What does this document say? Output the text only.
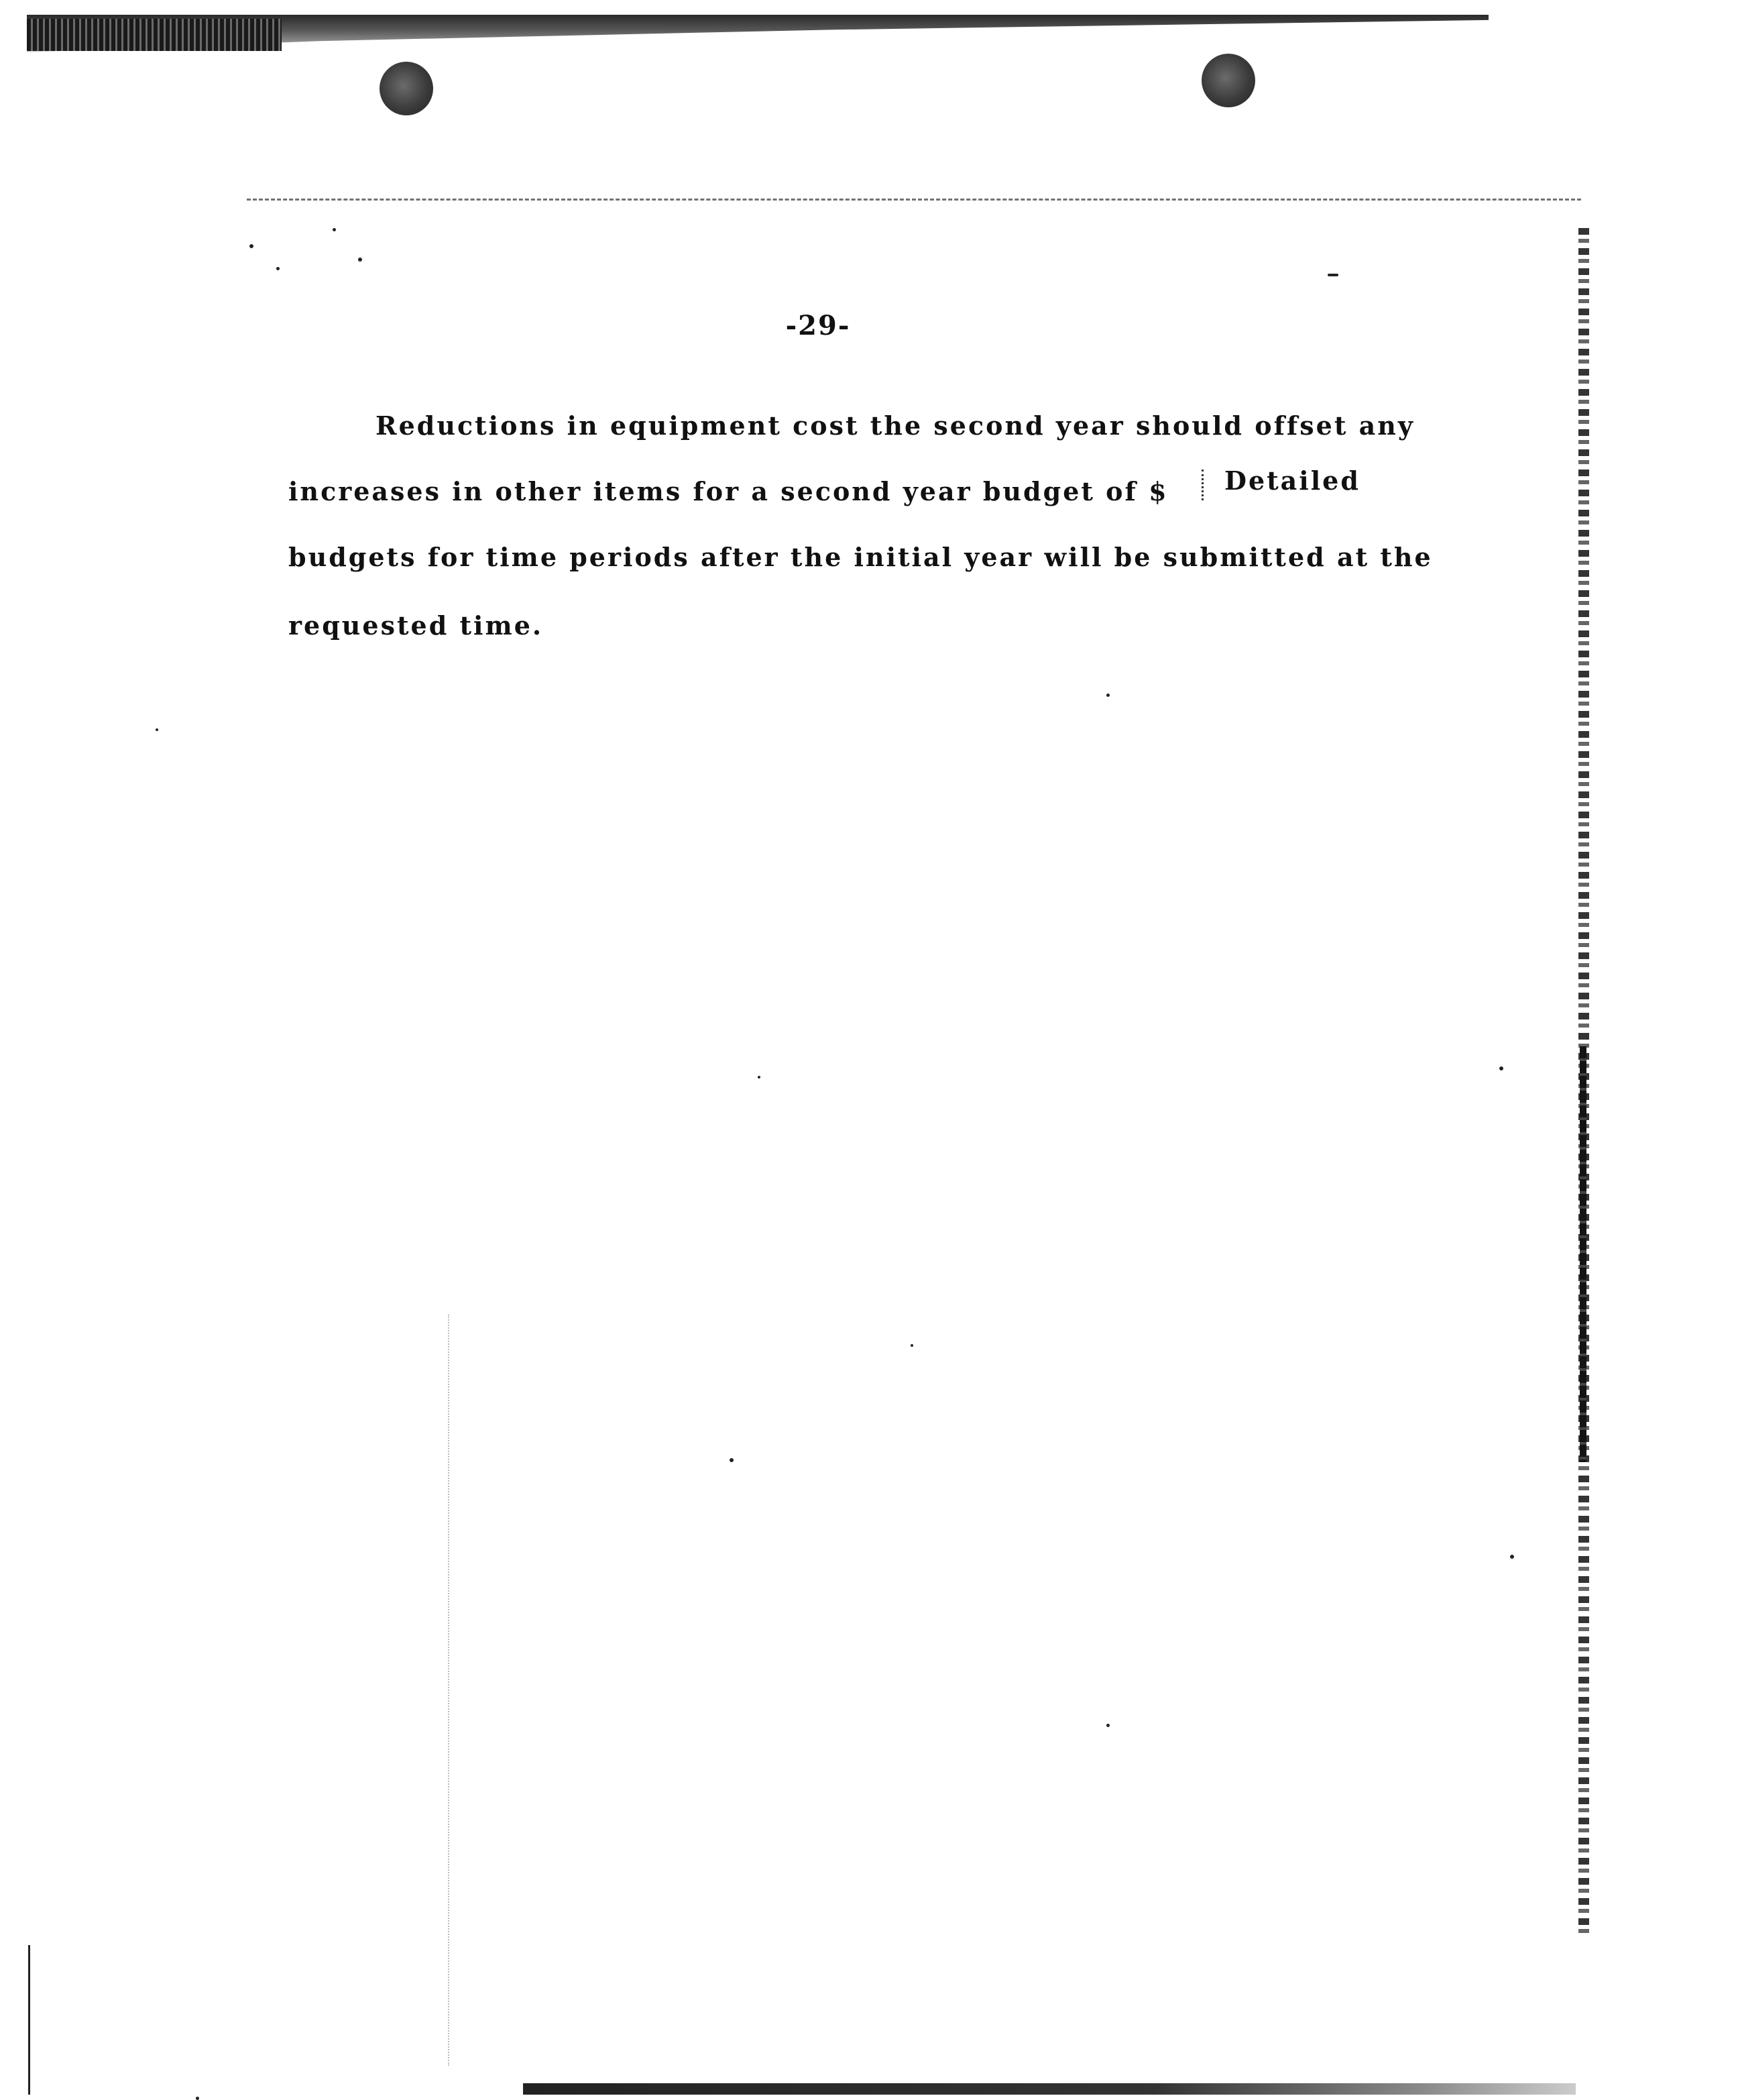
-29-
Reductions in equipment cost the second year should offset any
increases in other items for a second year budget of $ Detailed
budgets for time periods after the initial year will be submitted at the
requested time.
